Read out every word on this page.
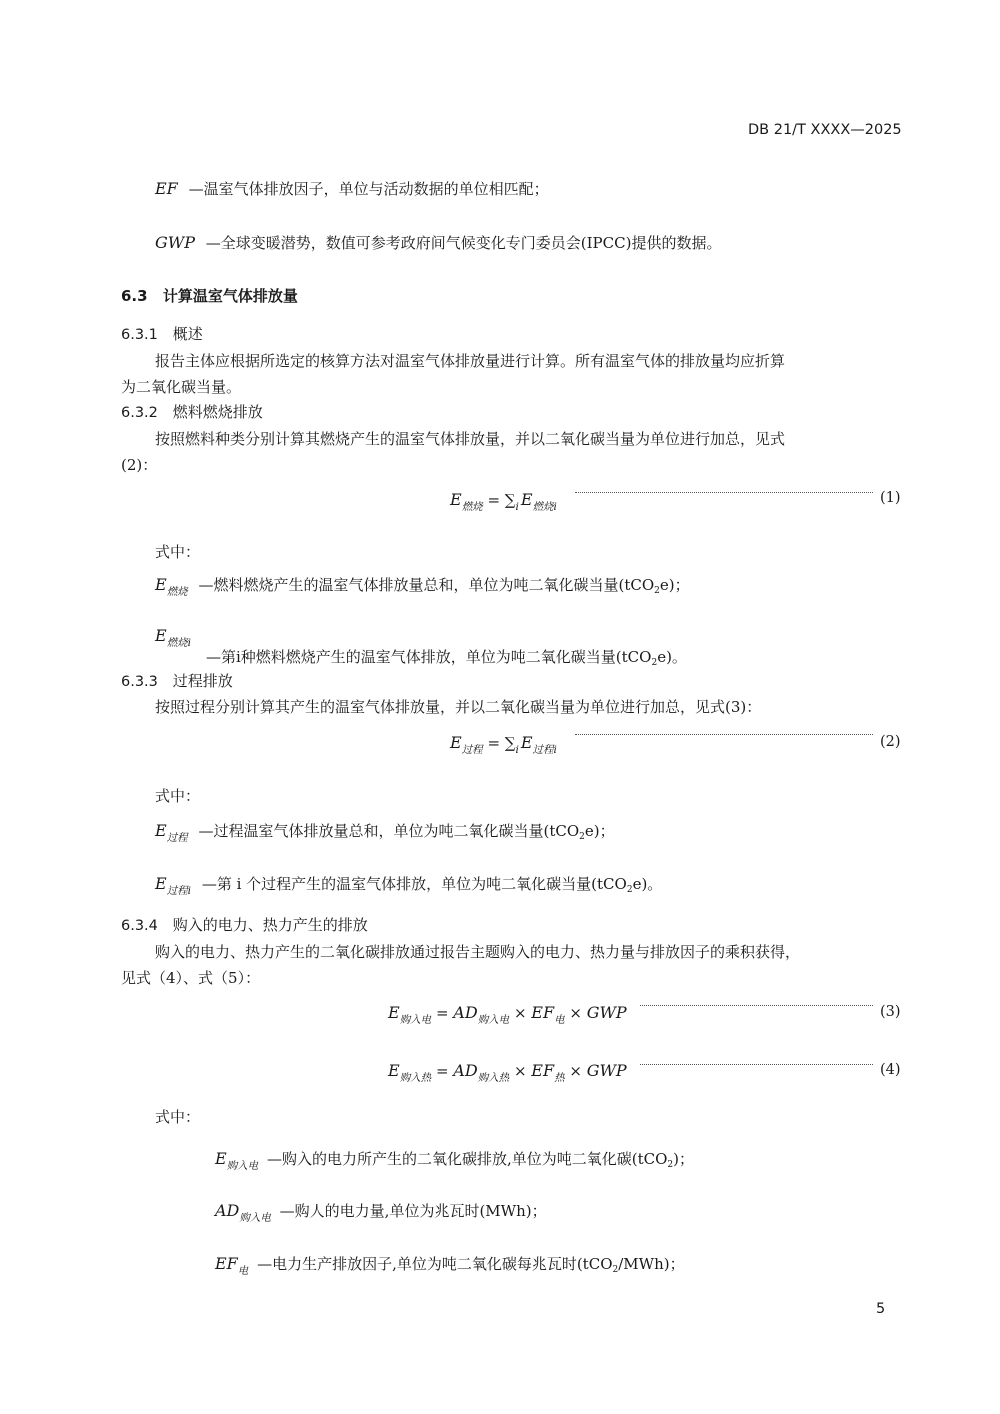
DB 21/T XXXX—2025
EF —温室气体排放因子，单位与活动数据的单位相匹配；
GWP —全球变暖潜势，数值可参考政府间气候变化专门委员会(IPCC)提供的数据。
6.3 计算温室气体排放量
6.3.1 概述
报告主体应根据所选定的核算方法对温室气体排放量进行计算。所有温室气体的排放量均应折算
为二氧化碳当量。
6.3.2 燃料燃烧排放
按照燃料种类分别计算其燃烧产生的温室气体排放量，并以二氧化碳当量为单位进行加总，见式
(2)：
$E_{燃烧} = \sum_i$ $E_{燃烧i}$
(1)
式中：
$E_{燃烧}$ —燃料燃烧产生的温室气体排放量总和，单位为吨二氧化碳当量(tCO$_2$e)；
$E_{燃烧i}$
—第i种燃料燃烧产生的温室气体排放，单位为吨二氧化碳当量(tCO$_2$e)。
6.3.3 过程排放
按照过程分别计算其产生的温室气体排放量，并以二氧化碳当量为单位进行加总，见式(3)：
$E_{过程} = \sum_i$ $E_{过程i}$	(2)
式中：
$E_{过程}$ —过程温室气体排放量总和，单位为吨二氧化碳当量(tCO$_2$e)；
$E_{过程i}$ —第 i 个过程产生的温室气体排放，单位为吨二氧化碳当量(tCO$_2$e)。
6.3.4 购入的电力、热力产生的排放
购入的电力、热力产生的二氧化碳排放通过报告主题购入的电力、热力量与排放因子的乘积获得，
见式（4）、式（5）：
$E_{购入电} = AD_{购入电} \times EF_电$ × GWP	(3)
$E_{购入热} = AD_{购入热} \times EF_热$ × GWP	(4)
式中：
$E_{购入电}$ —购入的电力所产生的二氧化碳排放,单位为吨二氧化碳(tCO$_2$)；
$AD_{购入电}$ —购人的电力量,单位为兆瓦时(MWh)；
$EF_电$ —电力生产排放因子,单位为吨二氧化碳每兆瓦时(tCO$_2$/MWh)；
5
